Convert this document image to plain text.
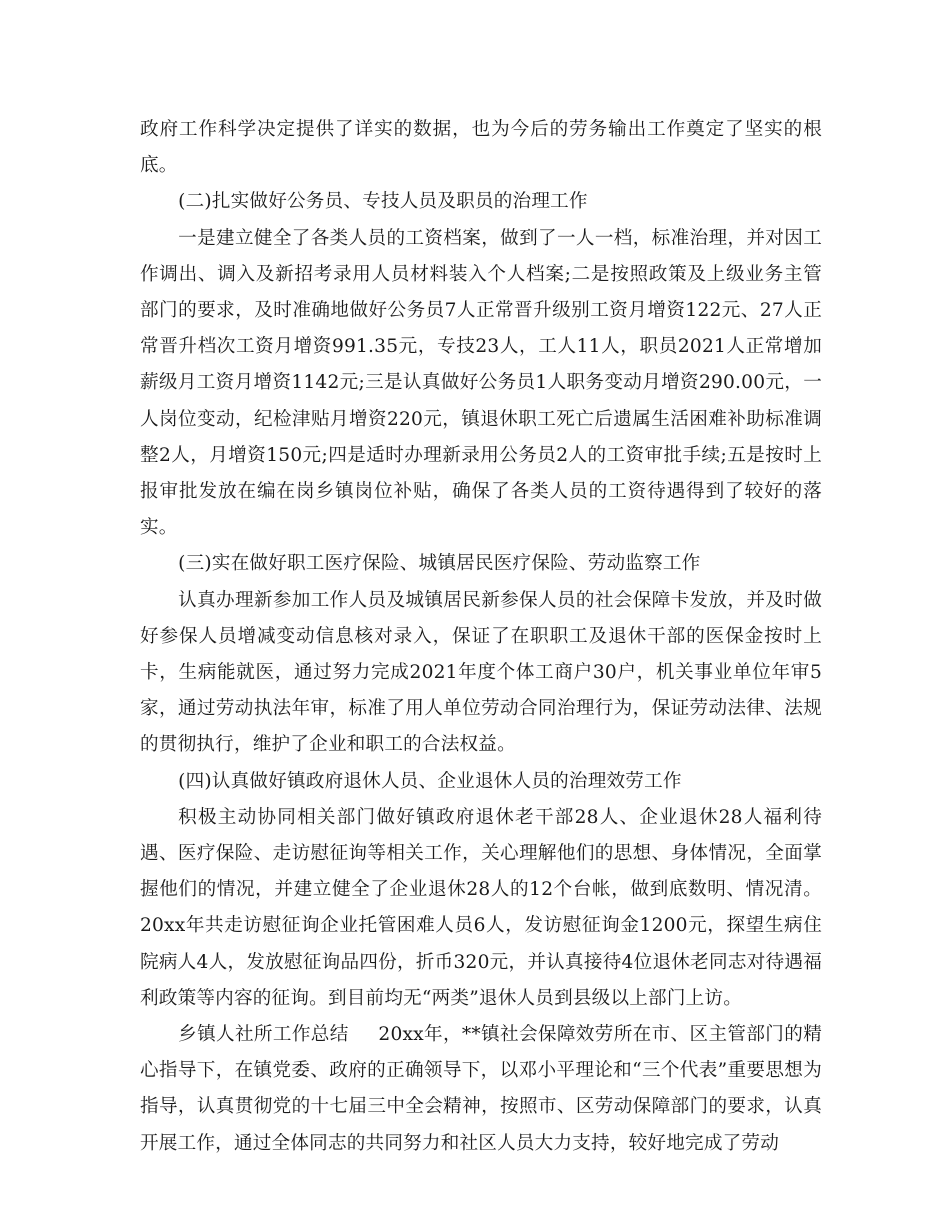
政府工作科学决定提供了详实的数据，也为今后的劳务输出工作奠定了坚实的根底。

(二)扎实做好公务员、专技人员及职员的治理工作

一是建立健全了各类人员的工资档案，做到了一人一档，标准治理，并对因工作调出、调入及新招考录用人员材料装入个人档案;二是按照政策及上级业务主管部门的要求，及时准确地做好公务员7人正常晋升级别工资月增资122元、27人正常晋升档次工资月增资991.35元，专技23人，工人11人，职员2021人正常增加薪级月工资月增资1142元;三是认真做好公务员1人职务变动月增资290.00元，一人岗位变动，纪检津贴月增资220元，镇退休职工死亡后遗属生活困难补助标准调整2人，月增资150元;四是适时办理新录用公务员2人的工资审批手续;五是按时上报审批发放在编在岗乡镇岗位补贴，确保了各类人员的工资待遇得到了较好的落实。

(三)实在做好职工医疗保险、城镇居民医疗保险、劳动监察工作

认真办理新参加工作人员及城镇居民新参保人员的社会保障卡发放，并及时做好参保人员增减变动信息核对录入，保证了在职职工及退休干部的医保金按时上卡，生病能就医，通过努力完成2021年度个体工商户30户，机关事业单位年审5家，通过劳动执法年审，标准了用人单位劳动合同治理行为，保证劳动法律、法规的贯彻执行，维护了企业和职工的合法权益。

(四)认真做好镇政府退休人员、企业退休人员的治理效劳工作

积极主动协同相关部门做好镇政府退休老干部28人、企业退休28人福利待遇、医疗保险、走访慰征询等相关工作，关心理解他们的思想、身体情况，全面掌握他们的情况，并建立健全了企业退休28人的12个台帐，做到底数明、情况清。20xx年共走访慰征询企业托管困难人员6人，发访慰征询金1200元，探望生病住院病人4人，发放慰征询品四份，折币320元，并认真接待4位退休老同志对待遇福利政策等内容的征询。到目前均无“两类”退休人员到县级以上部门上访。

乡镇人社所工作总结 20xx年，**镇社会保障效劳所在市、区主管部门的精心指导下，在镇党委、政府的正确领导下，以邓小平理论和“三个代表”重要思想为指导，认真贯彻党的十七届三中全会精神，按照市、区劳动保障部门的要求，认真开展工作，通过全体同志的共同努力和社区人员大力支持，较好地完成了劳动
